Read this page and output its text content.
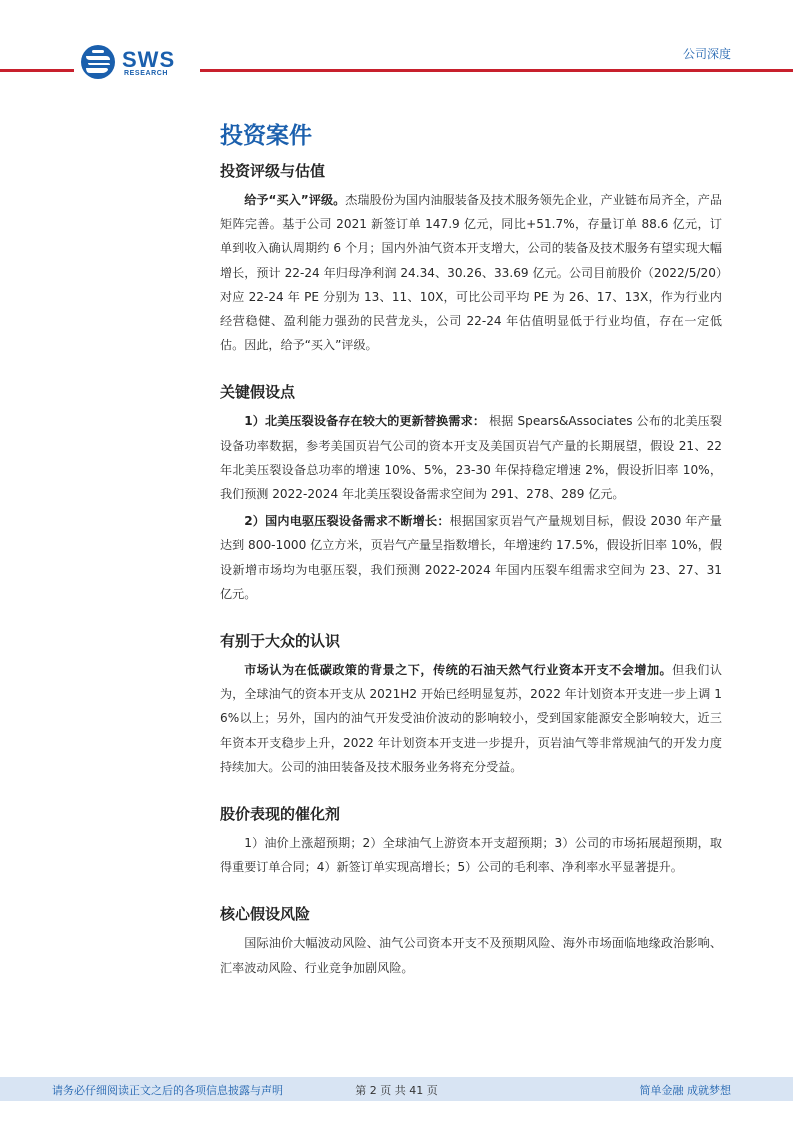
SWS
RESEARCH
公司深度
投资案件
投资评级与估值

给予“买入”评级。杰瑞股份为国内油服装备及技术服务领先企业，产业链布局齐全，产品矩阵完善。基于公司 2021 新签订单 147.9 亿元，同比+51.7%，存量订单 88.6 亿元，订单到收入确认周期约 6 个月；国内外油气资本开支增大，公司的装备及技术服务有望实现大幅增长，预计 22-24 年归母净利润 24.34、30.26、33.69 亿元。公司目前股价（2022/5/20）对应 22-24 年 PE 分别为 13、11、10X，可比公司平均 PE 为 26、17、13X，作为行业内经营稳健、盈利能力强劲的民营龙头，公司 22-24 年估值明显低于行业均值，存在一定低估。因此，给予“买入”评级。

关键假设点

1）北美压裂设备存在较大的更新替换需求： 根据 Spears&Associates 公布的北美压裂设备功率数据，参考美国页岩气公司的资本开支及美国页岩气产量的长期展望，假设 21、22 年北美压裂设备总功率的增速 10%、5%，23-30 年保持稳定增速 2%，假设折旧率 10%，我们预测 2022-2024 年北美压裂设备需求空间为 291、278、289 亿元。

2）国内电驱压裂设备需求不断增长：根据国家页岩气产量规划目标，假设 2030 年产量达到 800-1000 亿立方米，页岩气产量呈指数增长，年增速约 17.5%，假设折旧率 10%，假设新增市场均为电驱压裂，我们预测 2022-2024 年国内压裂车组需求空间为 23、27、31 亿元。

有别于大众的认识

市场认为在低碳政策的背景之下，传统的石油天然气行业资本开支不会增加。但我们认为，全球油气的资本开支从 2021H2 开始已经明显复苏，2022 年计划资本开支进一步上调 16%以上；另外，国内的油气开发受油价波动的影响较小，受到国家能源安全影响较大，近三年资本开支稳步上升，2022 年计划资本开支进一步提升，页岩油气等非常规油气的开发力度持续加大。公司的油田装备及技术服务业务将充分受益。

股价表现的催化剂

1）油价上涨超预期；2）全球油气上游资本开支超预期；3）公司的市场拓展超预期，取得重要订单合同；4）新签订单实现高增长；5）公司的毛利率、净利率水平显著提升。

核心假设风险

国际油价大幅波动风险、油气公司资本开支不及预期风险、海外市场面临地缘政治影响、汇率波动风险、行业竞争加剧风险。

请务必仔细阅读正文之后的各项信息披露与声明	第 2 页 共 41 页	简单金融 成就梦想
